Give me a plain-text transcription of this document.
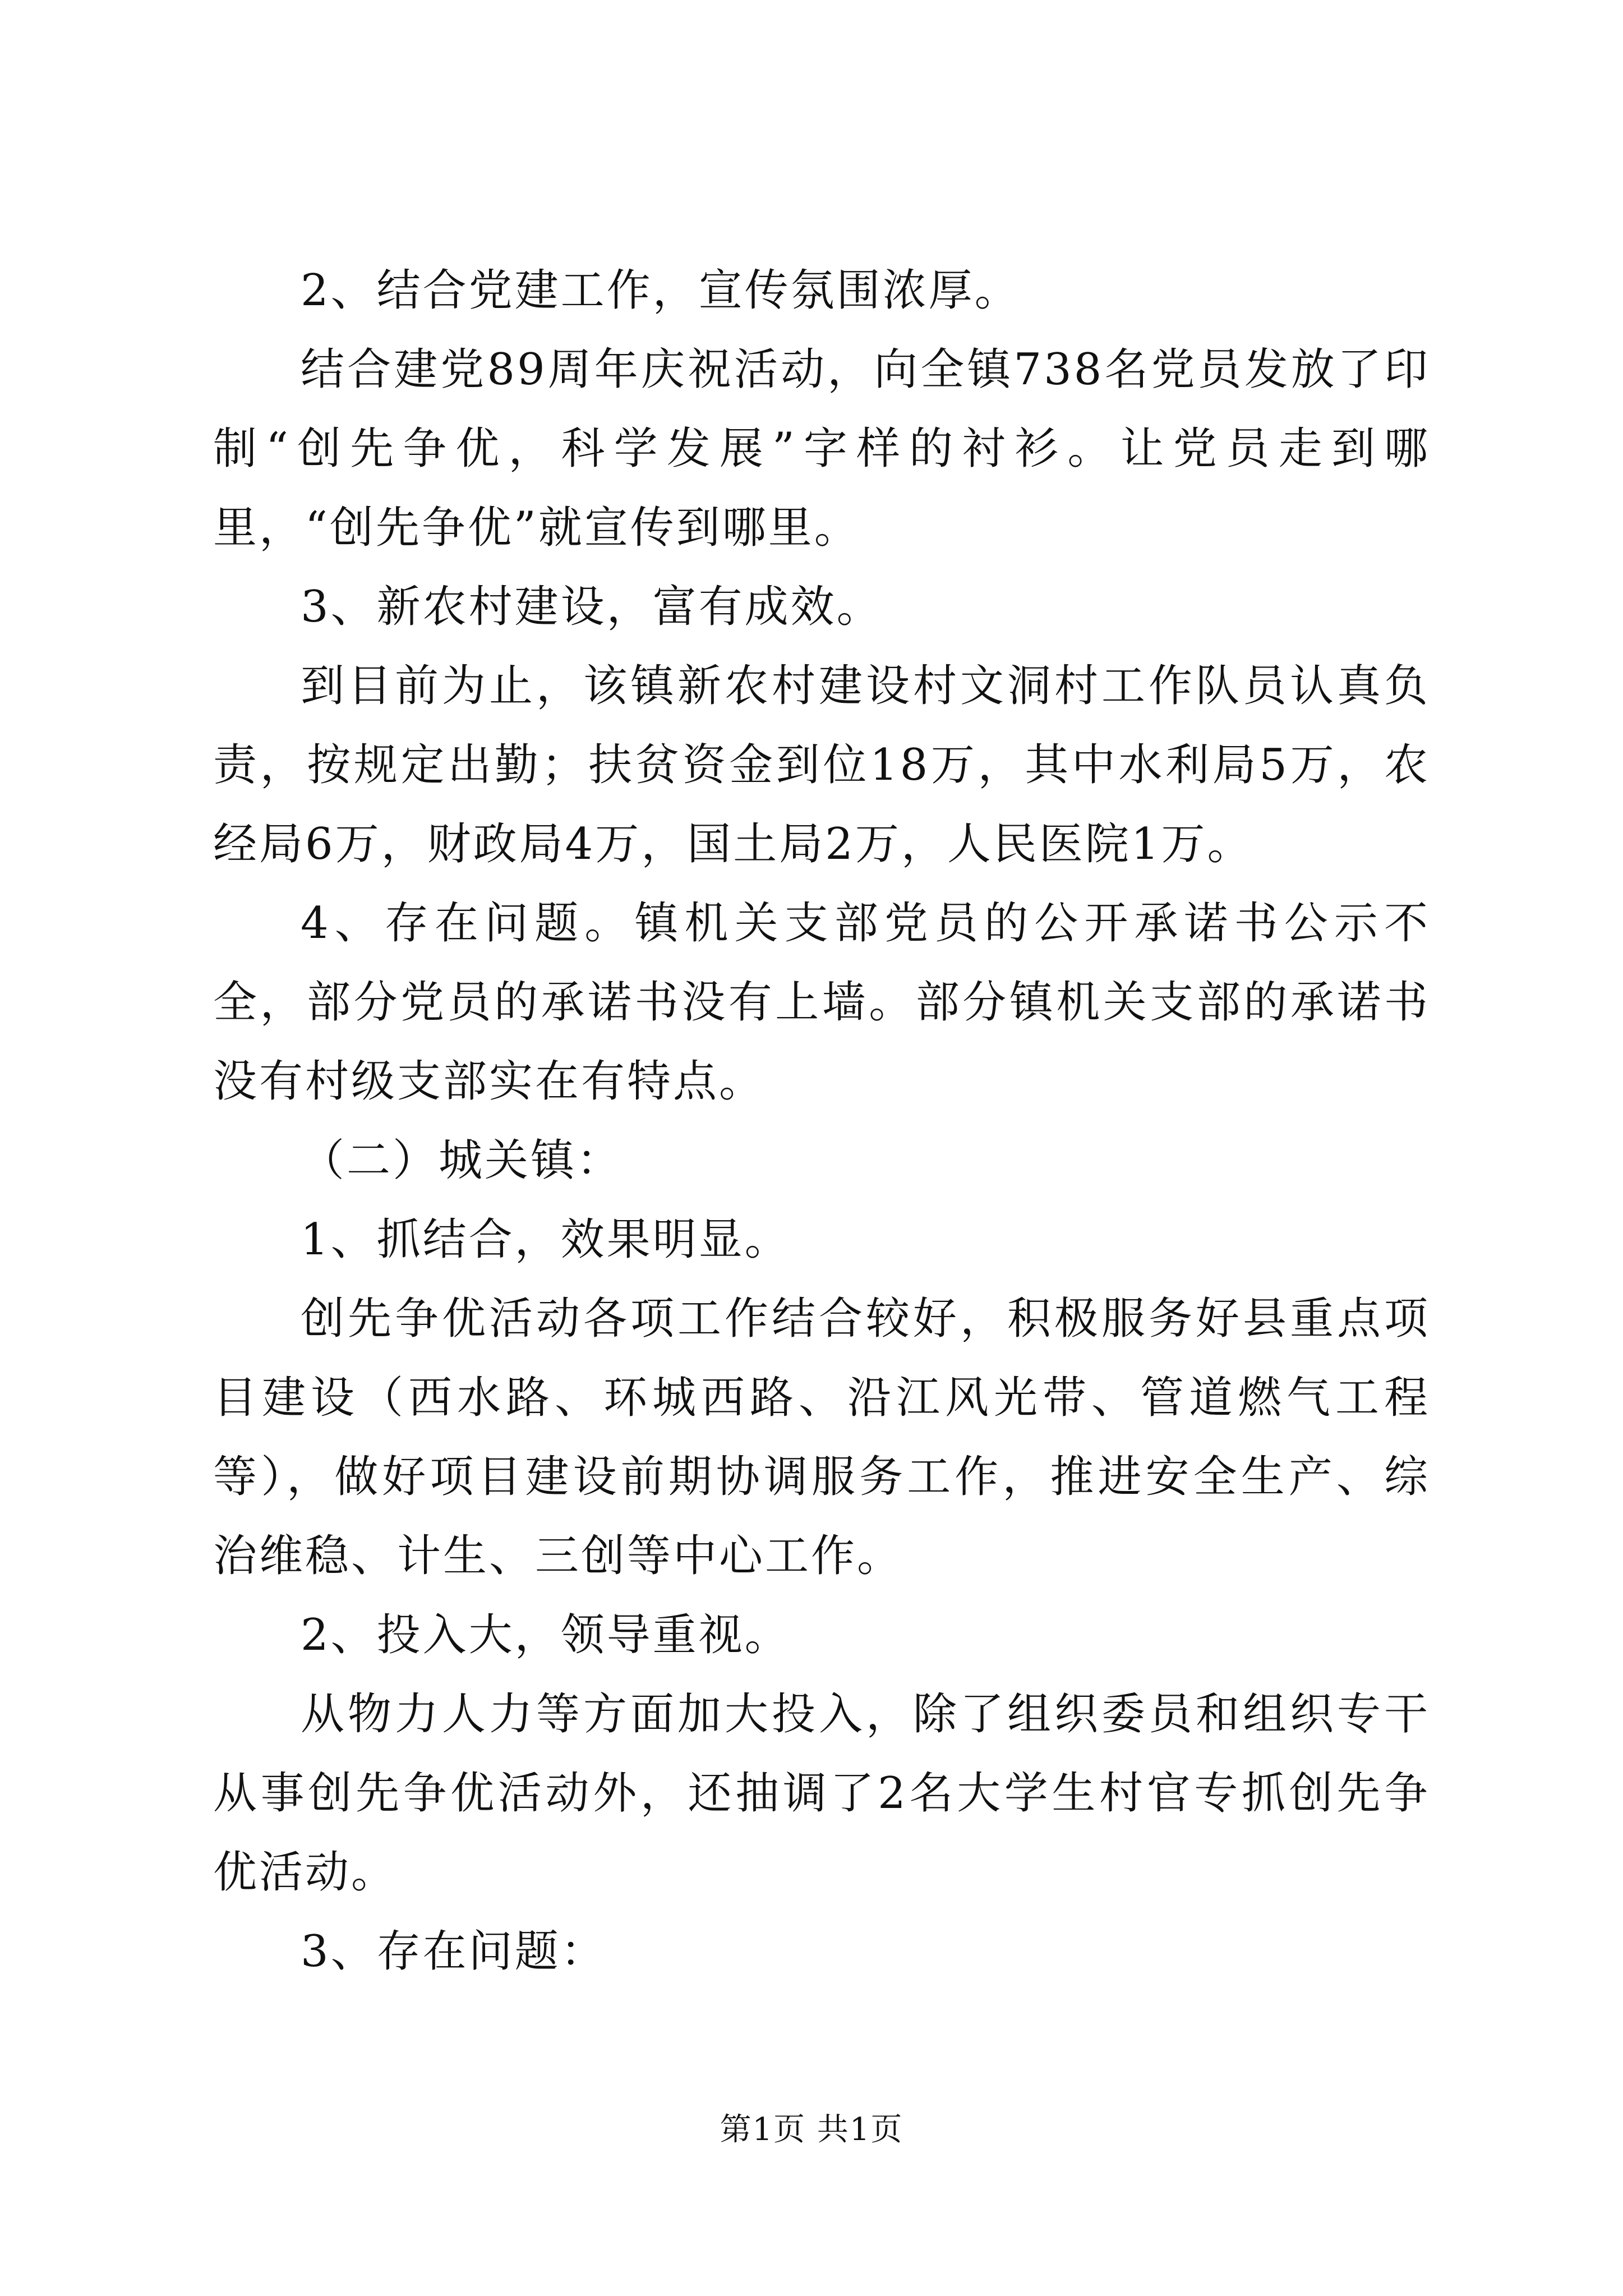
2、结合党建工作，宣传氛围浓厚。

结合建党89周年庆祝活动，向全镇738名党员发放了印制“创先争优，科学发展”字样的衬衫。让党员走到哪里，“创先争优”就宣传到哪里。

3、新农村建设，富有成效。

到目前为止，该镇新农村建设村文洞村工作队员认真负责，按规定出勤；扶贫资金到位18万，其中水利局5万，农经局6万，财政局4万，国土局2万，人民医院1万。

4、存在问题。镇机关支部党员的公开承诺书公示不全，部分党员的承诺书没有上墙。部分镇机关支部的承诺书没有村级支部实在有特点。

（二）城关镇：

1、抓结合，效果明显。

创先争优活动各项工作结合较好，积极服务好县重点项目建设（西水路、环城西路、沿江风光带、管道燃气工程等），做好项目建设前期协调服务工作，推进安全生产、综治维稳、计生、三创等中心工作。

2、投入大，领导重视。

从物力人力等方面加大投入，除了组织委员和组织专干从事创先争优活动外，还抽调了2名大学生村官专抓创先争优活动。

3、存在问题：

第1页 共1页
